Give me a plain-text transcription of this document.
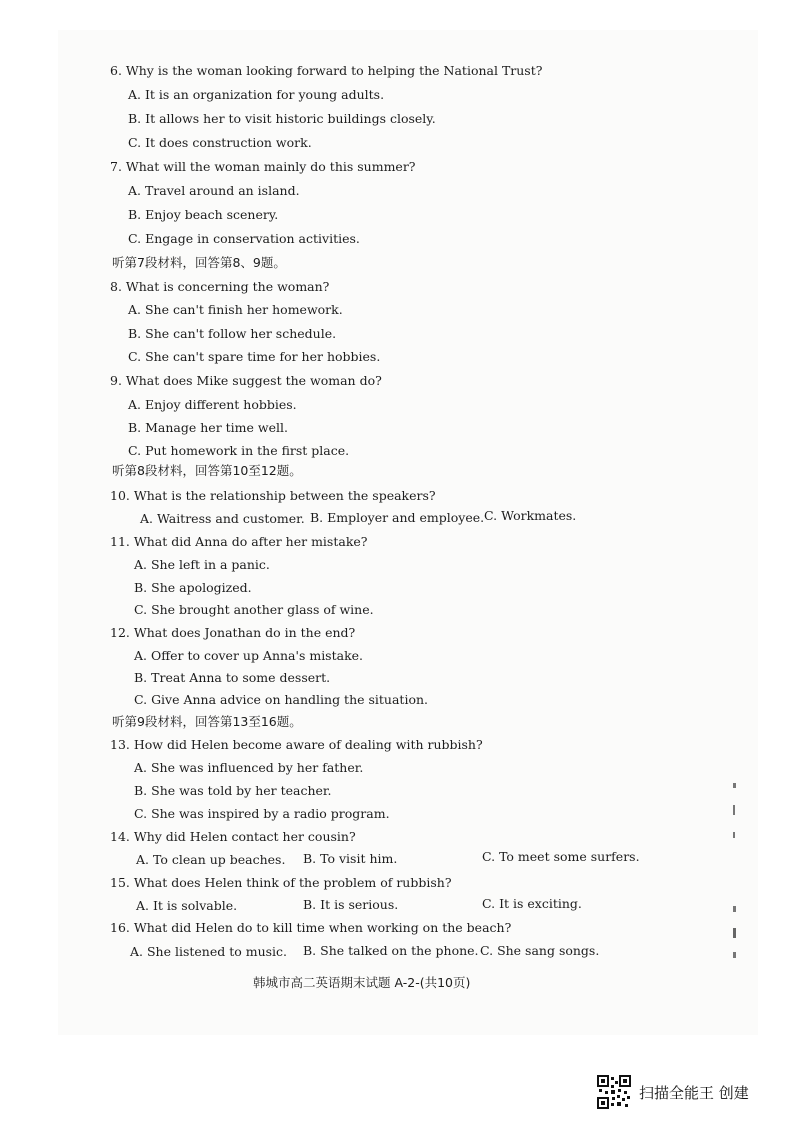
6. Why is the woman looking forward to helping the National Trust?
A. It is an organization for young adults.
B. It allows her to visit historic buildings closely.
C. It does construction work.
7. What will the woman mainly do this summer?
A. Travel around an island.
B. Enjoy beach scenery.
C. Engage in conservation activities.
听第7段材料，回答第8、9题。
8. What is concerning the woman?
A. She can't finish her homework.
B. She can't follow her schedule.
C. She can't spare time for her hobbies.
9. What does Mike suggest the woman do?
A. Enjoy different hobbies.
B. Manage her time well.
C. Put homework in the first place.
听第8段材料，回答第10至12题。
10. What is the relationship between the speakers?
A. Waitress and customer. B. Employer and employee. C. Workmates.
11. What did Anna do after her mistake?
A. She left in a panic.
B. She apologized.
C. She brought another glass of wine.
12. What does Jonathan do in the end?
A. Offer to cover up Anna's mistake.
B. Treat Anna to some dessert.
C. Give Anna advice on handling the situation.
听第9段材料，回答第13至16题。
13. How did Helen become aware of dealing with rubbish?
A. She was influenced by her father.
B. She was told by her teacher.
C. She was inspired by a radio program.
14. Why did Helen contact her cousin?
A. To clean up beaches. B. To visit him.	C. To meet some surfers.
15. What does Helen think of the problem of rubbish?
A. It is solvable.	B. It is serious.	C. It is exciting.
16. What did Helen do to kill time when working on the beach?
A. She listened to music. B. She talked on the phone. C. She sang songs.
韩城市高二英语期末试题 A-2-(共10页)
扫描全能王 创建
